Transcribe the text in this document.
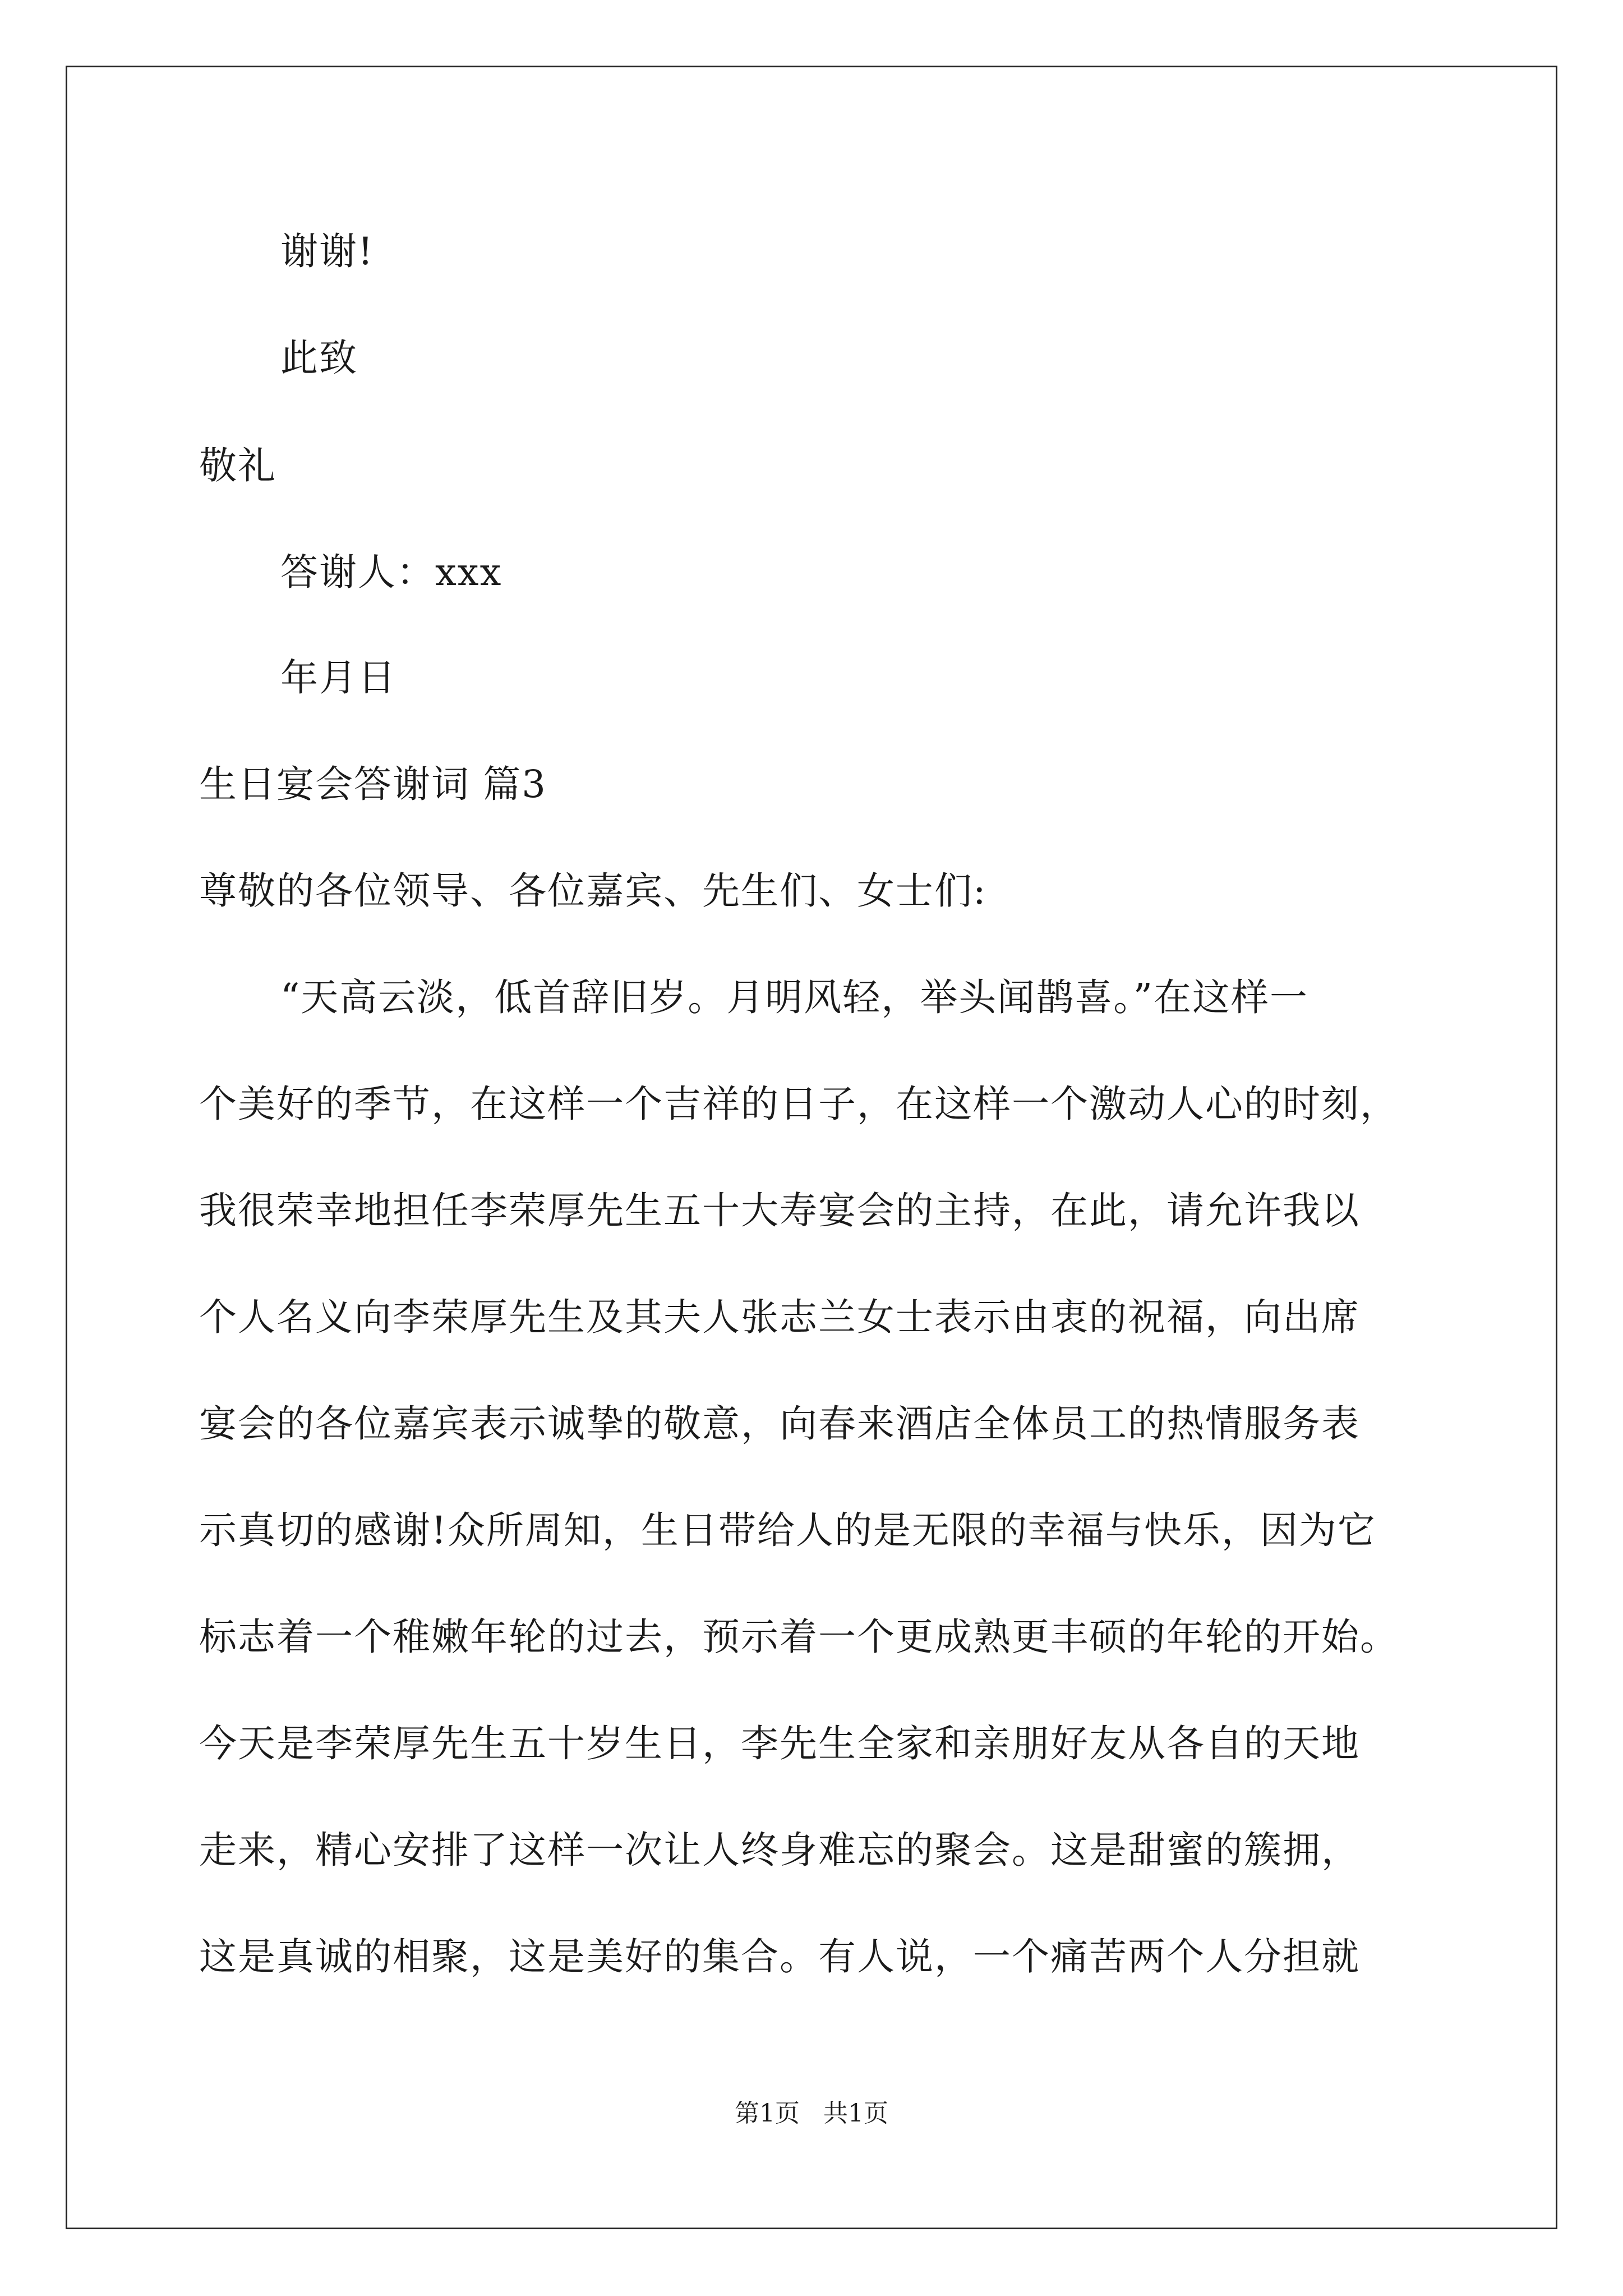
谢谢!
此致
敬礼
答谢人：xxx
年月日
生日宴会答谢词 篇3
尊敬的各位领导、各位嘉宾、先生们、女士们:
“天高云淡，低首辞旧岁。月明风轻，举头闻鹊喜。”在这样一
个美好的季节，在这样一个吉祥的日子，在这样一个激动人心的时刻，
我很荣幸地担任李荣厚先生五十大寿宴会的主持，在此，请允许我以
个人名义向李荣厚先生及其夫人张志兰女士表示由衷的祝福，向出席
宴会的各位嘉宾表示诚挚的敬意，向春来酒店全体员工的热情服务表
示真切的感谢!众所周知，生日带给人的是无限的幸福与快乐，因为它
标志着一个稚嫩年轮的过去，预示着一个更成熟更丰硕的年轮的开始。
今天是李荣厚先生五十岁生日，李先生全家和亲朋好友从各自的天地
走来，精心安排了这样一次让人终身难忘的聚会。这是甜蜜的簇拥，
这是真诚的相聚，这是美好的集合。有人说，一个痛苦两个人分担就
第1页   共1页
